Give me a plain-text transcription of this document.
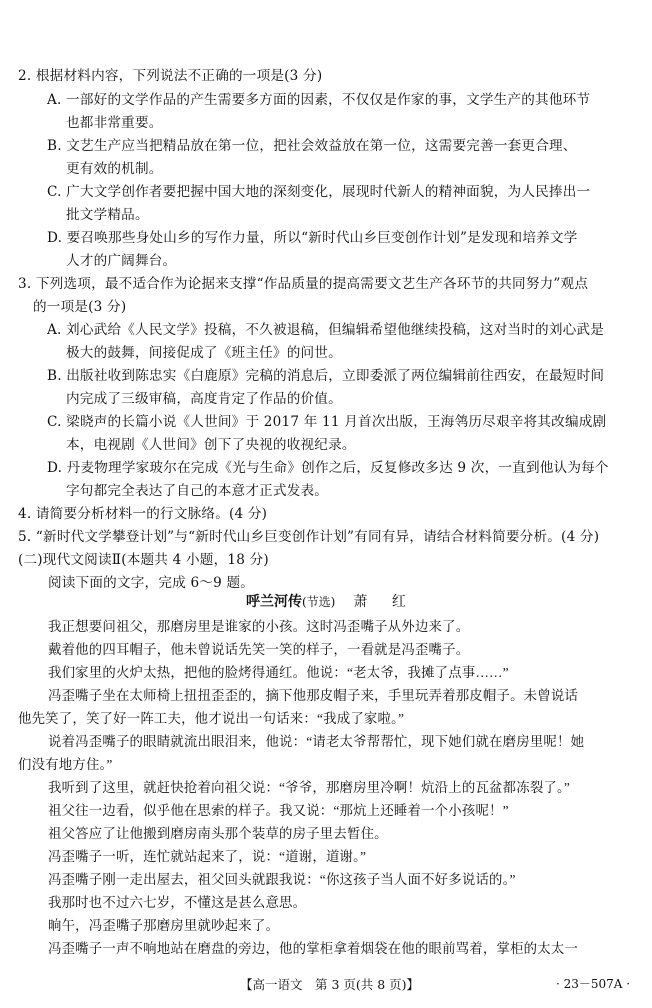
2. 根据材料内容，下列说法不正确的一项是(3 分)
A. 一部好的文学作品的产生需要多方面的因素，不仅仅是作家的事，文学生产的其他环节
也都非常重要。
B. 文艺生产应当把精品放在第一位，把社会效益放在第一位，这需要完善一套更合理、
更有效的机制。
C. 广大文学创作者要把握中国大地的深刻变化，展现时代新人的精神面貌，为人民捧出一
批文学精品。
D. 要召唤那些身处山乡的写作力量，所以“新时代山乡巨变创作计划”是发现和培养文学
人才的广阔舞台。
3. 下列选项，最不适合作为论据来支撑“作品质量的提高需要文艺生产各环节的共同努力”观点
的一项是(3 分)
A. 刘心武给《人民文学》投稿，不久被退稿，但编辑希望他继续投稿，这对当时的刘心武是
极大的鼓舞，间接促成了《班主任》的问世。
B. 出版社收到陈忠实《白鹿原》完稿的消息后，立即委派了两位编辑前往西安，在最短时间
内完成了三级审稿，高度肯定了作品的价值。
C. 梁晓声的长篇小说《人世间》于 2017 年 11 月首次出版，王海鸰历尽艰辛将其改编成剧
本，电视剧《人世间》创下了央视的收视纪录。
D. 丹麦物理学家玻尔在完成《光与生命》创作之后，反复修改多达 9 次，一直到他认为每个
字句都完全表达了自己的本意才正式发表。
4. 请简要分析材料一的行文脉络。(4 分)
5. “新时代文学攀登计划”与“新时代山乡巨变创作计划”有同有异，请结合材料简要分析。(4 分)
(二)现代文阅读Ⅱ(本题共 4 小题，18 分)
阅读下面的文字，完成 6～9 题。
呼兰河传(节选) 萧 红
我正想要问祖父，那磨房里是谁家的小孩。这时冯歪嘴子从外边来了。
戴着他的四耳帽子，他未曾说话先笑一笑的样子，一看就是冯歪嘴子。
我们家里的火炉太热，把他的脸烤得通红。他说：“老太爷，我摊了点事……”
冯歪嘴子坐在太师椅上扭扭歪歪的，摘下他那皮帽子来，手里玩弄着那皮帽子。未曾说话
他先笑了，笑了好一阵工夫，他才说出一句话来：“我成了家啦。”
说着冯歪嘴子的眼睛就流出眼泪来，他说：“请老太爷帮帮忙，现下她们就在磨房里呢！她
们没有地方住。”
我听到了这里，就赶快抢着向祖父说：“爷爷，那磨房里冷啊！炕沿上的瓦盆都冻裂了。”
祖父往一边看，似乎他在思索的样子。我又说：“那炕上还睡着一个小孩呢！”
祖父答应了让他搬到磨房南头那个装草的房子里去暂住。
冯歪嘴子一听，连忙就站起来了，说：“道谢，道谢。”
冯歪嘴子刚一走出屋去，祖父回头就跟我说：“你这孩子当人面不好多说话的。”
我那时也不过六七岁，不懂这是甚么意思。
晌午，冯歪嘴子那磨房里就吵起来了。
冯歪嘴子一声不响地站在磨盘的旁边，他的掌柜拿着烟袋在他的眼前骂着，掌柜的太太一
【高一语文　第 3 页(共 8 页)】	· 23－507A ·
